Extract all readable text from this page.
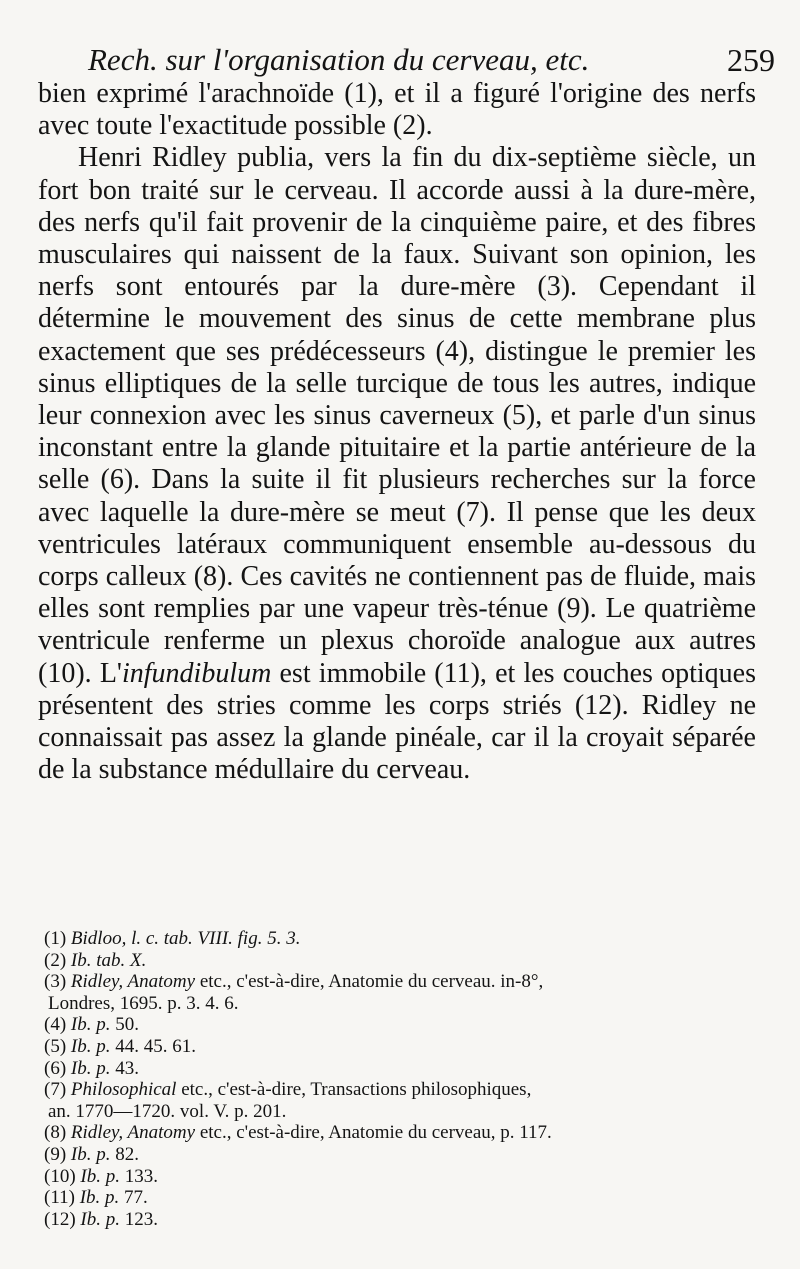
Rech. sur l'organisation du cerveau, etc.	259

bien exprimé l'arachnoïde (1), et il a figuré l'origine des nerfs avec toute l'exactitude possible (2).

Henri Ridley publia, vers la fin du dix-septième siècle, un fort bon traité sur le cerveau. Il accorde aussi à la dure-mère, des nerfs qu'il fait provenir de la cinquième paire, et des fibres musculaires qui naissent de la faux. Suivant son opinion, les nerfs sont entourés par la dure-mère (3). Cependant il détermine le mouvement des sinus de cette membrane plus exactement que ses prédécesseurs (4), distingue le premier les sinus elliptiques de la selle turcique de tous les autres, indique leur connexion avec les sinus caverneux (5), et parle d'un sinus inconstant entre la glande pituitaire et la partie antérieure de la selle (6). Dans la suite il fit plusieurs recherches sur la force avec laquelle la dure-mère se meut (7). Il pense que les deux ventricules latéraux communiquent ensemble au-dessous du corps calleux (8). Ces cavités ne contiennent pas de fluide, mais elles sont remplies par une vapeur très-ténue (9). Le quatrième ventricule renferme un plexus choroïde analogue aux autres (10). L'infundibulum est immobile (11), et les couches optiques présentent des stries comme les corps striés (12). Ridley ne connaissait pas assez la glande pinéale, car il la croyait séparée de la substance médullaire du cerveau.

(1) Bidloo, l. c. tab. VIII. fig. 5. 3.
(2) Ib. tab. X.
(3) Ridley, Anatomy etc., c'est-à-dire, Anatomie du cerveau. in-8°,
Londres, 1695. p. 3. 4. 6.
(4) Ib. p. 50.
(5) Ib. p. 44. 45. 61.
(6) Ib. p. 43.
(7) Philosophical etc., c'est-à-dire, Transactions philosophiques,
an. 1770—1720. vol. V. p. 201.
(8) Ridley, Anatomy etc., c'est-à-dire, Anatomie du cerveau, p. 117.
(9) Ib. p. 82.
(10) Ib. p. 133.
(11) Ib. p. 77.
(12) Ib. p. 123.
